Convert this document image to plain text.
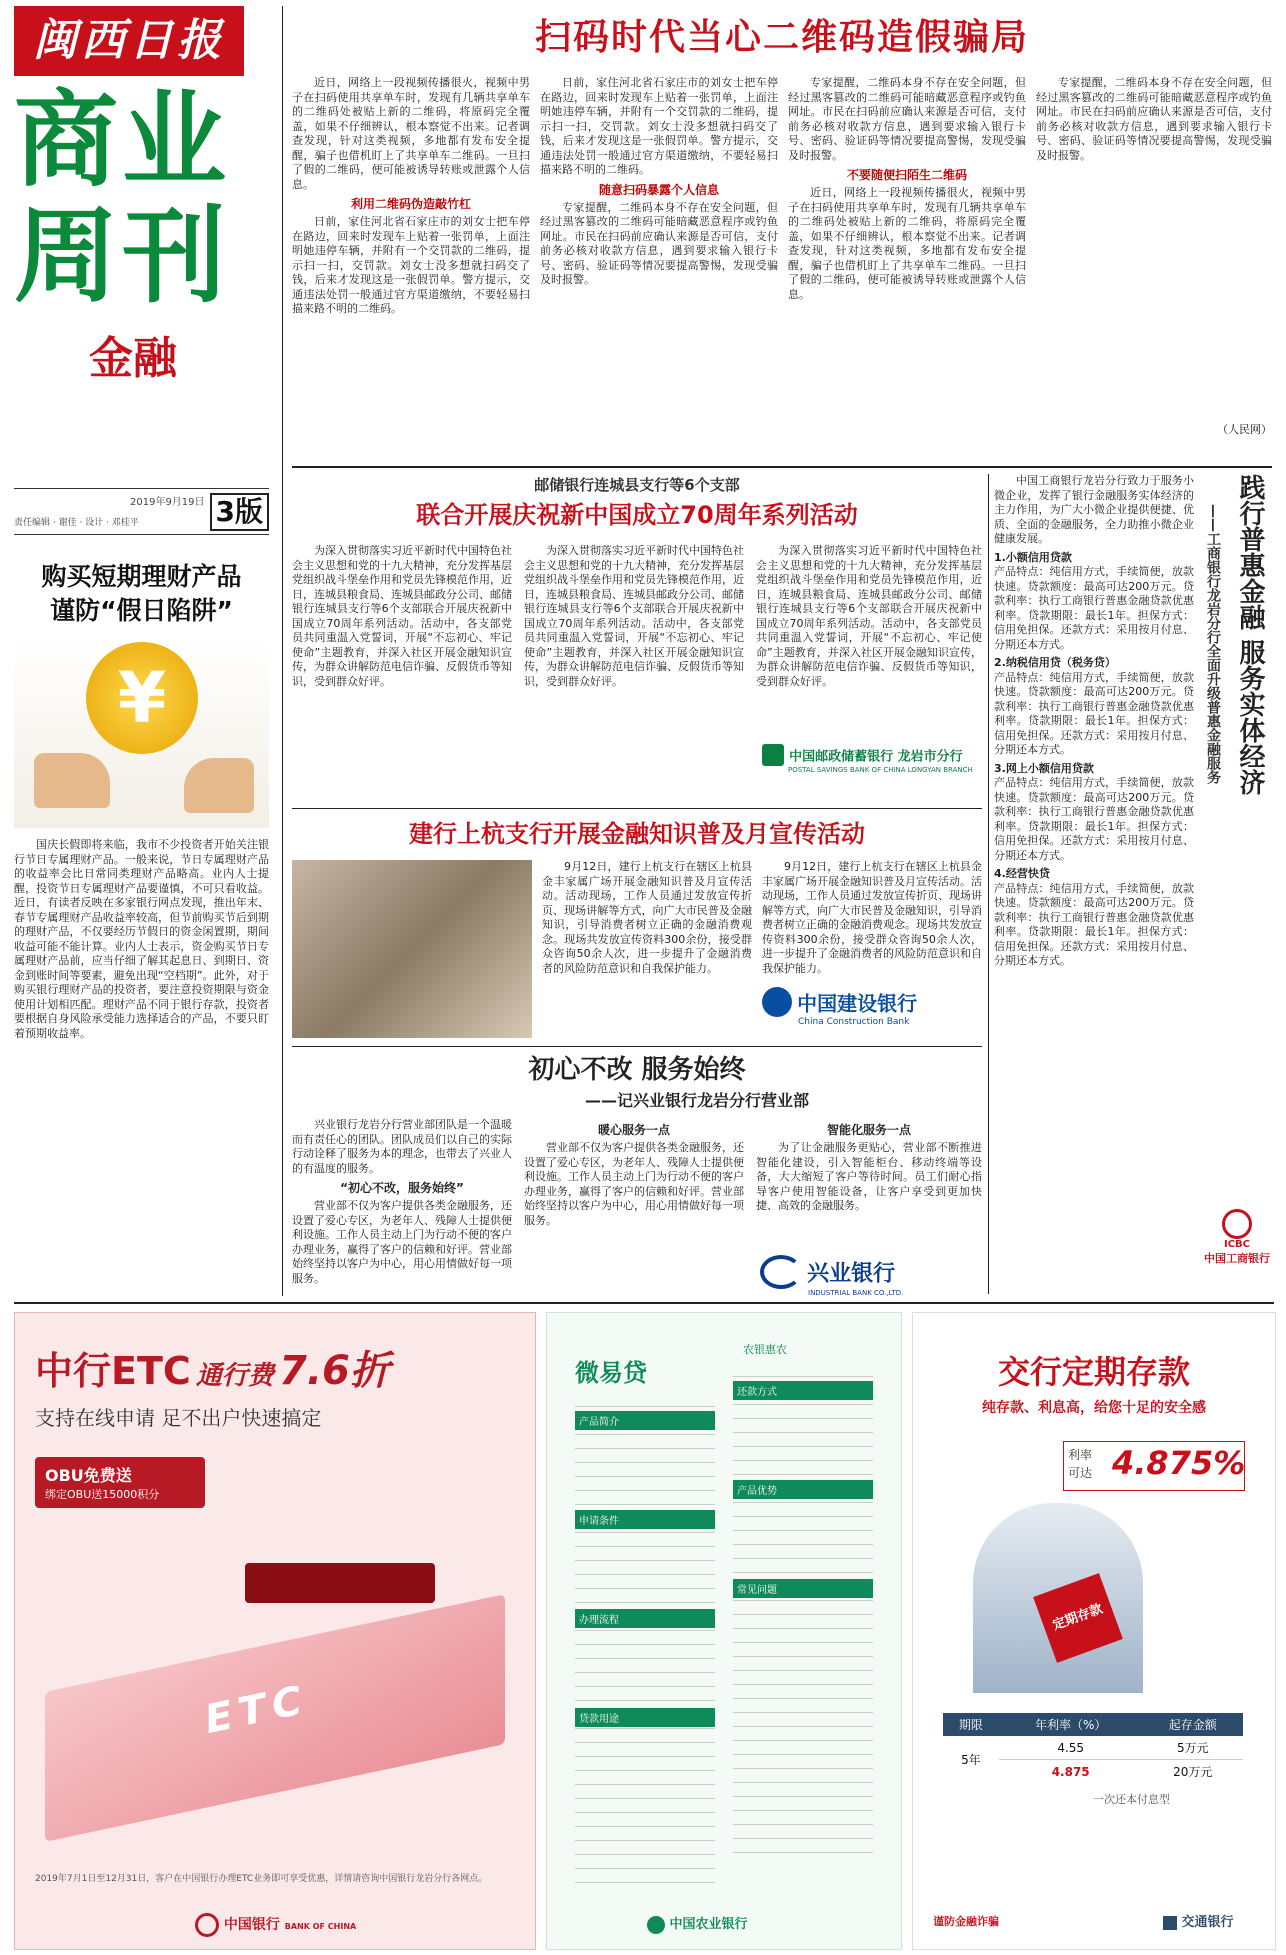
闽西日报
商业
周刊
金融
2019年9月19日
责任编辑 · 谢佳 · 设计 · 邓桂平	3版
购买短期理财产品
谨防“假日陷阱”
¥
国庆长假即将来临，我市不少投资者开始关注银行节日专属理财产品。一般来说，节日专属理财产品的收益率会比日常同类理财产品略高。业内人士提醒，投资节日专属理财产品要谨慎，不可只看收益。近日，有读者反映在多家银行网点发现，推出年末、春节专属理财产品收益率较高，但节前购买节后到期的理财产品，不仅要经历节假日的资金闲置期，期间收益可能不能计算。业内人士表示，资金购买节日专属理财产品前，应当仔细了解其起息日、到期日、资金到账时间等要素，避免出现“空档期”。此外，对于购买银行理财产品的投资者，要注意投资期限与资金使用计划相匹配。理财产品不同于银行存款，投资者要根据自身风险承受能力选择适合的产品，不要只盯着预期收益率。
扫码时代当心二维码造假骗局
近日，网络上一段视频传播很火，视频中男子在扫码使用共享单车时，发现有几辆共享单车的二维码处被贴上新的二维码，将原码完全覆盖，如果不仔细辨认，根本察觉不出来。记者调查发现，针对这类视频，多地都有发布安全提醒，骗子也借机盯上了共享单车二维码。一旦扫了假的二维码，便可能被诱导转账或泄露个人信息。
利用二维码伪造敲竹杠
日前，家住河北省石家庄市的刘女士把车停在路边，回来时发现车上贴着一张罚单，上面注明她违停车辆，并附有一个交罚款的二维码，提示扫一扫，交罚款。刘女士没多想就扫码交了钱，后来才发现这是一张假罚单。警方提示，交通违法处罚一般通过官方渠道缴纳，不要轻易扫描来路不明的二维码。
日前，家住河北省石家庄市的刘女士把车停在路边，回来时发现车上贴着一张罚单，上面注明她违停车辆，并附有一个交罚款的二维码，提示扫一扫，交罚款。刘女士没多想就扫码交了钱，后来才发现这是一张假罚单。警方提示，交通违法处罚一般通过官方渠道缴纳，不要轻易扫描来路不明的二维码。
随意扫码暴露个人信息
专家提醒，二维码本身不存在安全问题，但经过黑客篡改的二维码可能暗藏恶意程序或钓鱼网址。市民在扫码前应确认来源是否可信，支付前务必核对收款方信息，遇到要求输入银行卡号、密码、验证码等情况要提高警惕，发现受骗及时报警。
专家提醒，二维码本身不存在安全问题，但经过黑客篡改的二维码可能暗藏恶意程序或钓鱼网址。市民在扫码前应确认来源是否可信，支付前务必核对收款方信息，遇到要求输入银行卡号、密码、验证码等情况要提高警惕，发现受骗及时报警。
不要随便扫陌生二维码
近日，网络上一段视频传播很火，视频中男子在扫码使用共享单车时，发现有几辆共享单车的二维码处被贴上新的二维码，将原码完全覆盖，如果不仔细辨认，根本察觉不出来。记者调查发现，针对这类视频，多地都有发布安全提醒，骗子也借机盯上了共享单车二维码。一旦扫了假的二维码，便可能被诱导转账或泄露个人信息。
专家提醒，二维码本身不存在安全问题，但经过黑客篡改的二维码可能暗藏恶意程序或钓鱼网址。市民在扫码前应确认来源是否可信，支付前务必核对收款方信息，遇到要求输入银行卡号、密码、验证码等情况要提高警惕，发现受骗及时报警。
（人民网）
邮储银行连城县支行等6个支部
联合开展庆祝新中国成立70周年系列活动
为深入贯彻落实习近平新时代中国特色社会主义思想和党的十九大精神，充分发挥基层党组织战斗堡垒作用和党员先锋模范作用，近日，连城县粮食局、连城县邮政分公司、邮储银行连城县支行等6个支部联合开展庆祝新中国成立70周年系列活动。活动中，各支部党员共同重温入党誓词，开展“不忘初心、牢记使命”主题教育，并深入社区开展金融知识宣传，为群众讲解防范电信诈骗、反假货币等知识，受到群众好评。
为深入贯彻落实习近平新时代中国特色社会主义思想和党的十九大精神，充分发挥基层党组织战斗堡垒作用和党员先锋模范作用，近日，连城县粮食局、连城县邮政分公司、邮储银行连城县支行等6个支部联合开展庆祝新中国成立70周年系列活动。活动中，各支部党员共同重温入党誓词，开展“不忘初心、牢记使命”主题教育，并深入社区开展金融知识宣传，为群众讲解防范电信诈骗、反假货币等知识，受到群众好评。
为深入贯彻落实习近平新时代中国特色社会主义思想和党的十九大精神，充分发挥基层党组织战斗堡垒作用和党员先锋模范作用，近日，连城县粮食局、连城县邮政分公司、邮储银行连城县支行等6个支部联合开展庆祝新中国成立70周年系列活动。活动中，各支部党员共同重温入党誓词，开展“不忘初心、牢记使命”主题教育，并深入社区开展金融知识宣传，为群众讲解防范电信诈骗、反假货币等知识，受到群众好评。
中国邮政储蓄银行 龙岩市分行
POSTAL SAVINGS BANK OF CHINA LONGYAN BRANCH
建行上杭支行开展金融知识普及月宣传活动
9月12日，建行上杭支行在辖区上杭县金丰家属广场开展金融知识普及月宣传活动。活动现场，工作人员通过发放宣传折页、现场讲解等方式，向广大市民普及金融知识，引导消费者树立正确的金融消费观念。现场共发放宣传资料300余份，接受群众咨询50余人次，进一步提升了金融消费者的风险防范意识和自我保护能力。
9月12日，建行上杭支行在辖区上杭县金丰家属广场开展金融知识普及月宣传活动。活动现场，工作人员通过发放宣传折页、现场讲解等方式，向广大市民普及金融知识，引导消费者树立正确的金融消费观念。现场共发放宣传资料300余份，接受群众咨询50余人次，进一步提升了金融消费者的风险防范意识和自我保护能力。
中国建设银行
China Construction Bank
初心不改 服务始终
——记兴业银行龙岩分行营业部
兴业银行龙岩分行营业部团队是一个温暖而有责任心的团队。团队成员们以自己的实际行动诠释了服务为本的理念，也带去了兴业人的有温度的服务。
“初心不改，服务始终”
营业部不仅为客户提供各类金融服务，还设置了爱心专区，为老年人、残障人士提供便利设施。工作人员主动上门为行动不便的客户办理业务，赢得了客户的信赖和好评。营业部始终坚持以客户为中心，用心用情做好每一项服务。
暖心服务一点
营业部不仅为客户提供各类金融服务，还设置了爱心专区，为老年人、残障人士提供便利设施。工作人员主动上门为行动不便的客户办理业务，赢得了客户的信赖和好评。营业部始终坚持以客户为中心，用心用情做好每一项服务。
智能化服务一点
为了让金融服务更贴心，营业部不断推进智能化建设，引入智能柜台、移动终端等设备，大大缩短了客户等待时间。员工们耐心指导客户使用智能设备，让客户享受到更加快捷、高效的金融服务。
兴业银行
INDUSTRIAL BANK CO.,LTD.
中国工商银行龙岩分行致力于服务小微企业，发挥了银行金融服务实体经济的主力作用，为广大小微企业提供便捷、优质、全面的金融服务，全力助推小微企业健康发展。
1.小额信用贷款
产品特点：纯信用方式，手续简便，放款快速。贷款额度：最高可达200万元。贷款利率：执行工商银行普惠金融贷款优惠利率。贷款期限：最长1年。担保方式：信用免担保。还款方式：采用按月付息、分期还本方式。
2.纳税信用贷（税务贷）
产品特点：纯信用方式，手续简便，放款快速。贷款额度：最高可达200万元。贷款利率：执行工商银行普惠金融贷款优惠利率。贷款期限：最长1年。担保方式：信用免担保。还款方式：采用按月付息、分期还本方式。
3.网上小额信用贷款
产品特点：纯信用方式，手续简便，放款快速。贷款额度：最高可达200万元。贷款利率：执行工商银行普惠金融贷款优惠利率。贷款期限：最长1年。担保方式：信用免担保。还款方式：采用按月付息、分期还本方式。
4.经营快贷
产品特点：纯信用方式，手续简便，放款快速。贷款额度：最高可达200万元。贷款利率：执行工商银行普惠金融贷款优惠利率。贷款期限：最长1年。担保方式：信用免担保。还款方式：采用按月付息、分期还本方式。
践行普惠金融 服务实体经济
——工商银行龙岩分行全面升级普惠金融服务
ICBC
中国工商银行
中行ETC 通行费 7.6折
支持在线申请 足不出户快速搞定
OBU免费送
绑定OBU送15000积分
ETC
2019年7月1日至12月31日，客户在中国银行办理ETC业务即可享受优惠，详情请咨询中国银行龙岩分行各网点。
中国银行 BANK OF CHINA
微易贷
农银惠农
产品简介
申请条件
办理流程
贷款用途
还款方式
产品优势
常见问题
中国农业银行
交行定期存款
纯存款、利息高，给您十足的安全感
利率
可达 4.875%
定期存款
期限	年利率（%）	起存金额
5年	4.55	5万元
	4.875	20万元
一次还本付息型
谨防金融诈骗	交通银行
